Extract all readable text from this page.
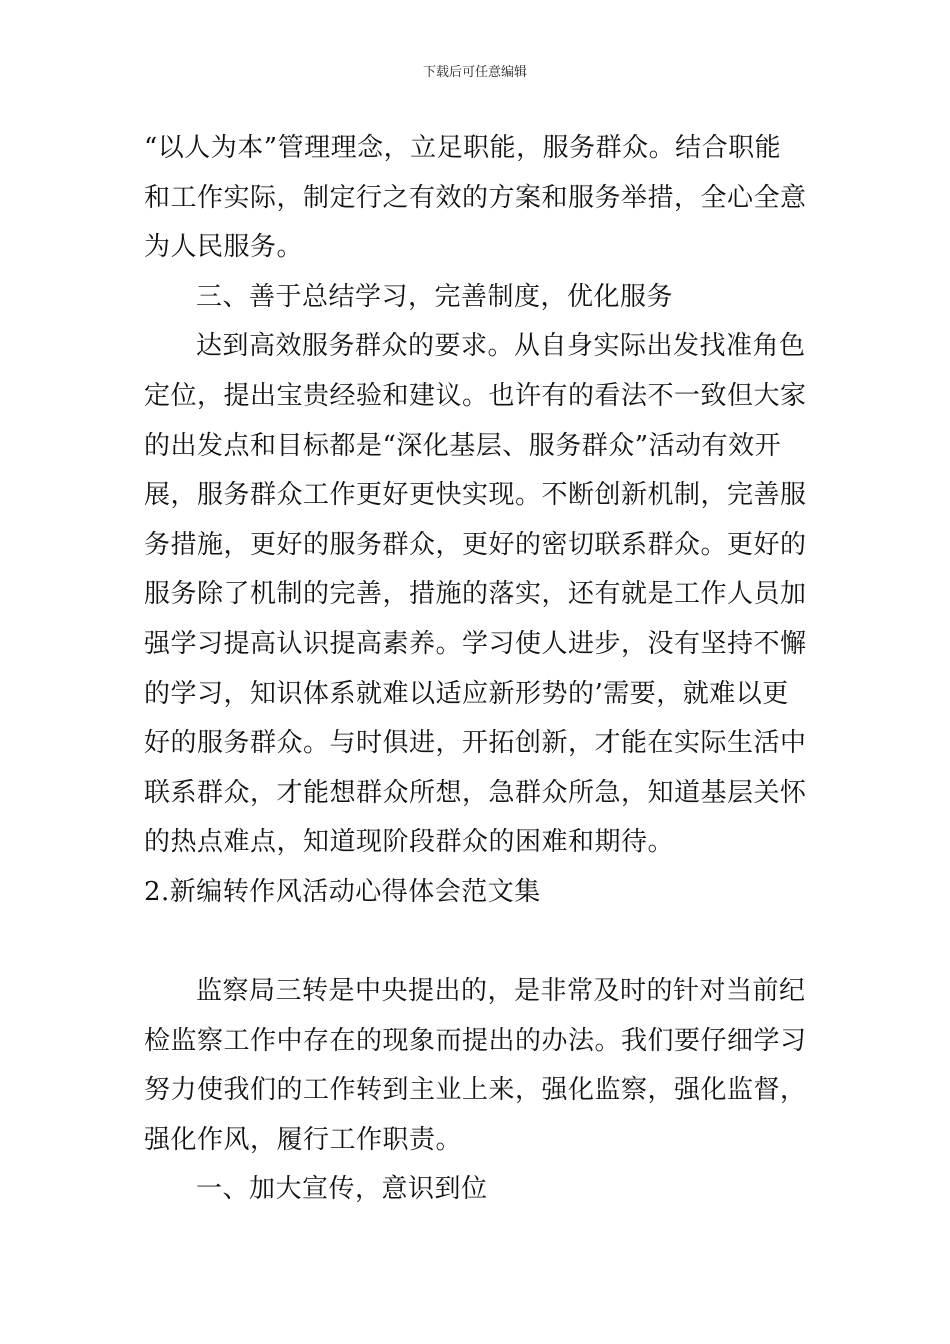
下载后可任意编辑
“以人为本”管理理念，立足职能，服务群众。结合职能
和工作实际，制定行之有效的方案和服务举措，全心全意
为人民服务。
三、善于总结学习，完善制度，优化服务
达到高效服务群众的要求。从自身实际出发找准角色
定位，提出宝贵经验和建议。也许有的看法不一致但大家
的出发点和目标都是“深化基层、服务群众”活动有效开
展，服务群众工作更好更快实现。不断创新机制，完善服
务措施，更好的服务群众，更好的密切联系群众。更好的
服务除了机制的完善，措施的落实，还有就是工作人员加
强学习提高认识提高素养。学习使人进步，没有坚持不懈
的学习，知识体系就难以适应新形势的’需要，就难以更
好的服务群众。与时俱进，开拓创新，才能在实际生活中
联系群众，才能想群众所想，急群众所急，知道基层关怀
的热点难点，知道现阶段群众的困难和期待。
2.新编转作风活动心得体会范文集
监察局三转是中央提出的，是非常及时的针对当前纪
检监察工作中存在的现象而提出的办法。我们要仔细学习
努力使我们的工作转到主业上来，强化监察，强化监督，
强化作风，履行工作职责。
一、加大宣传，意识到位
